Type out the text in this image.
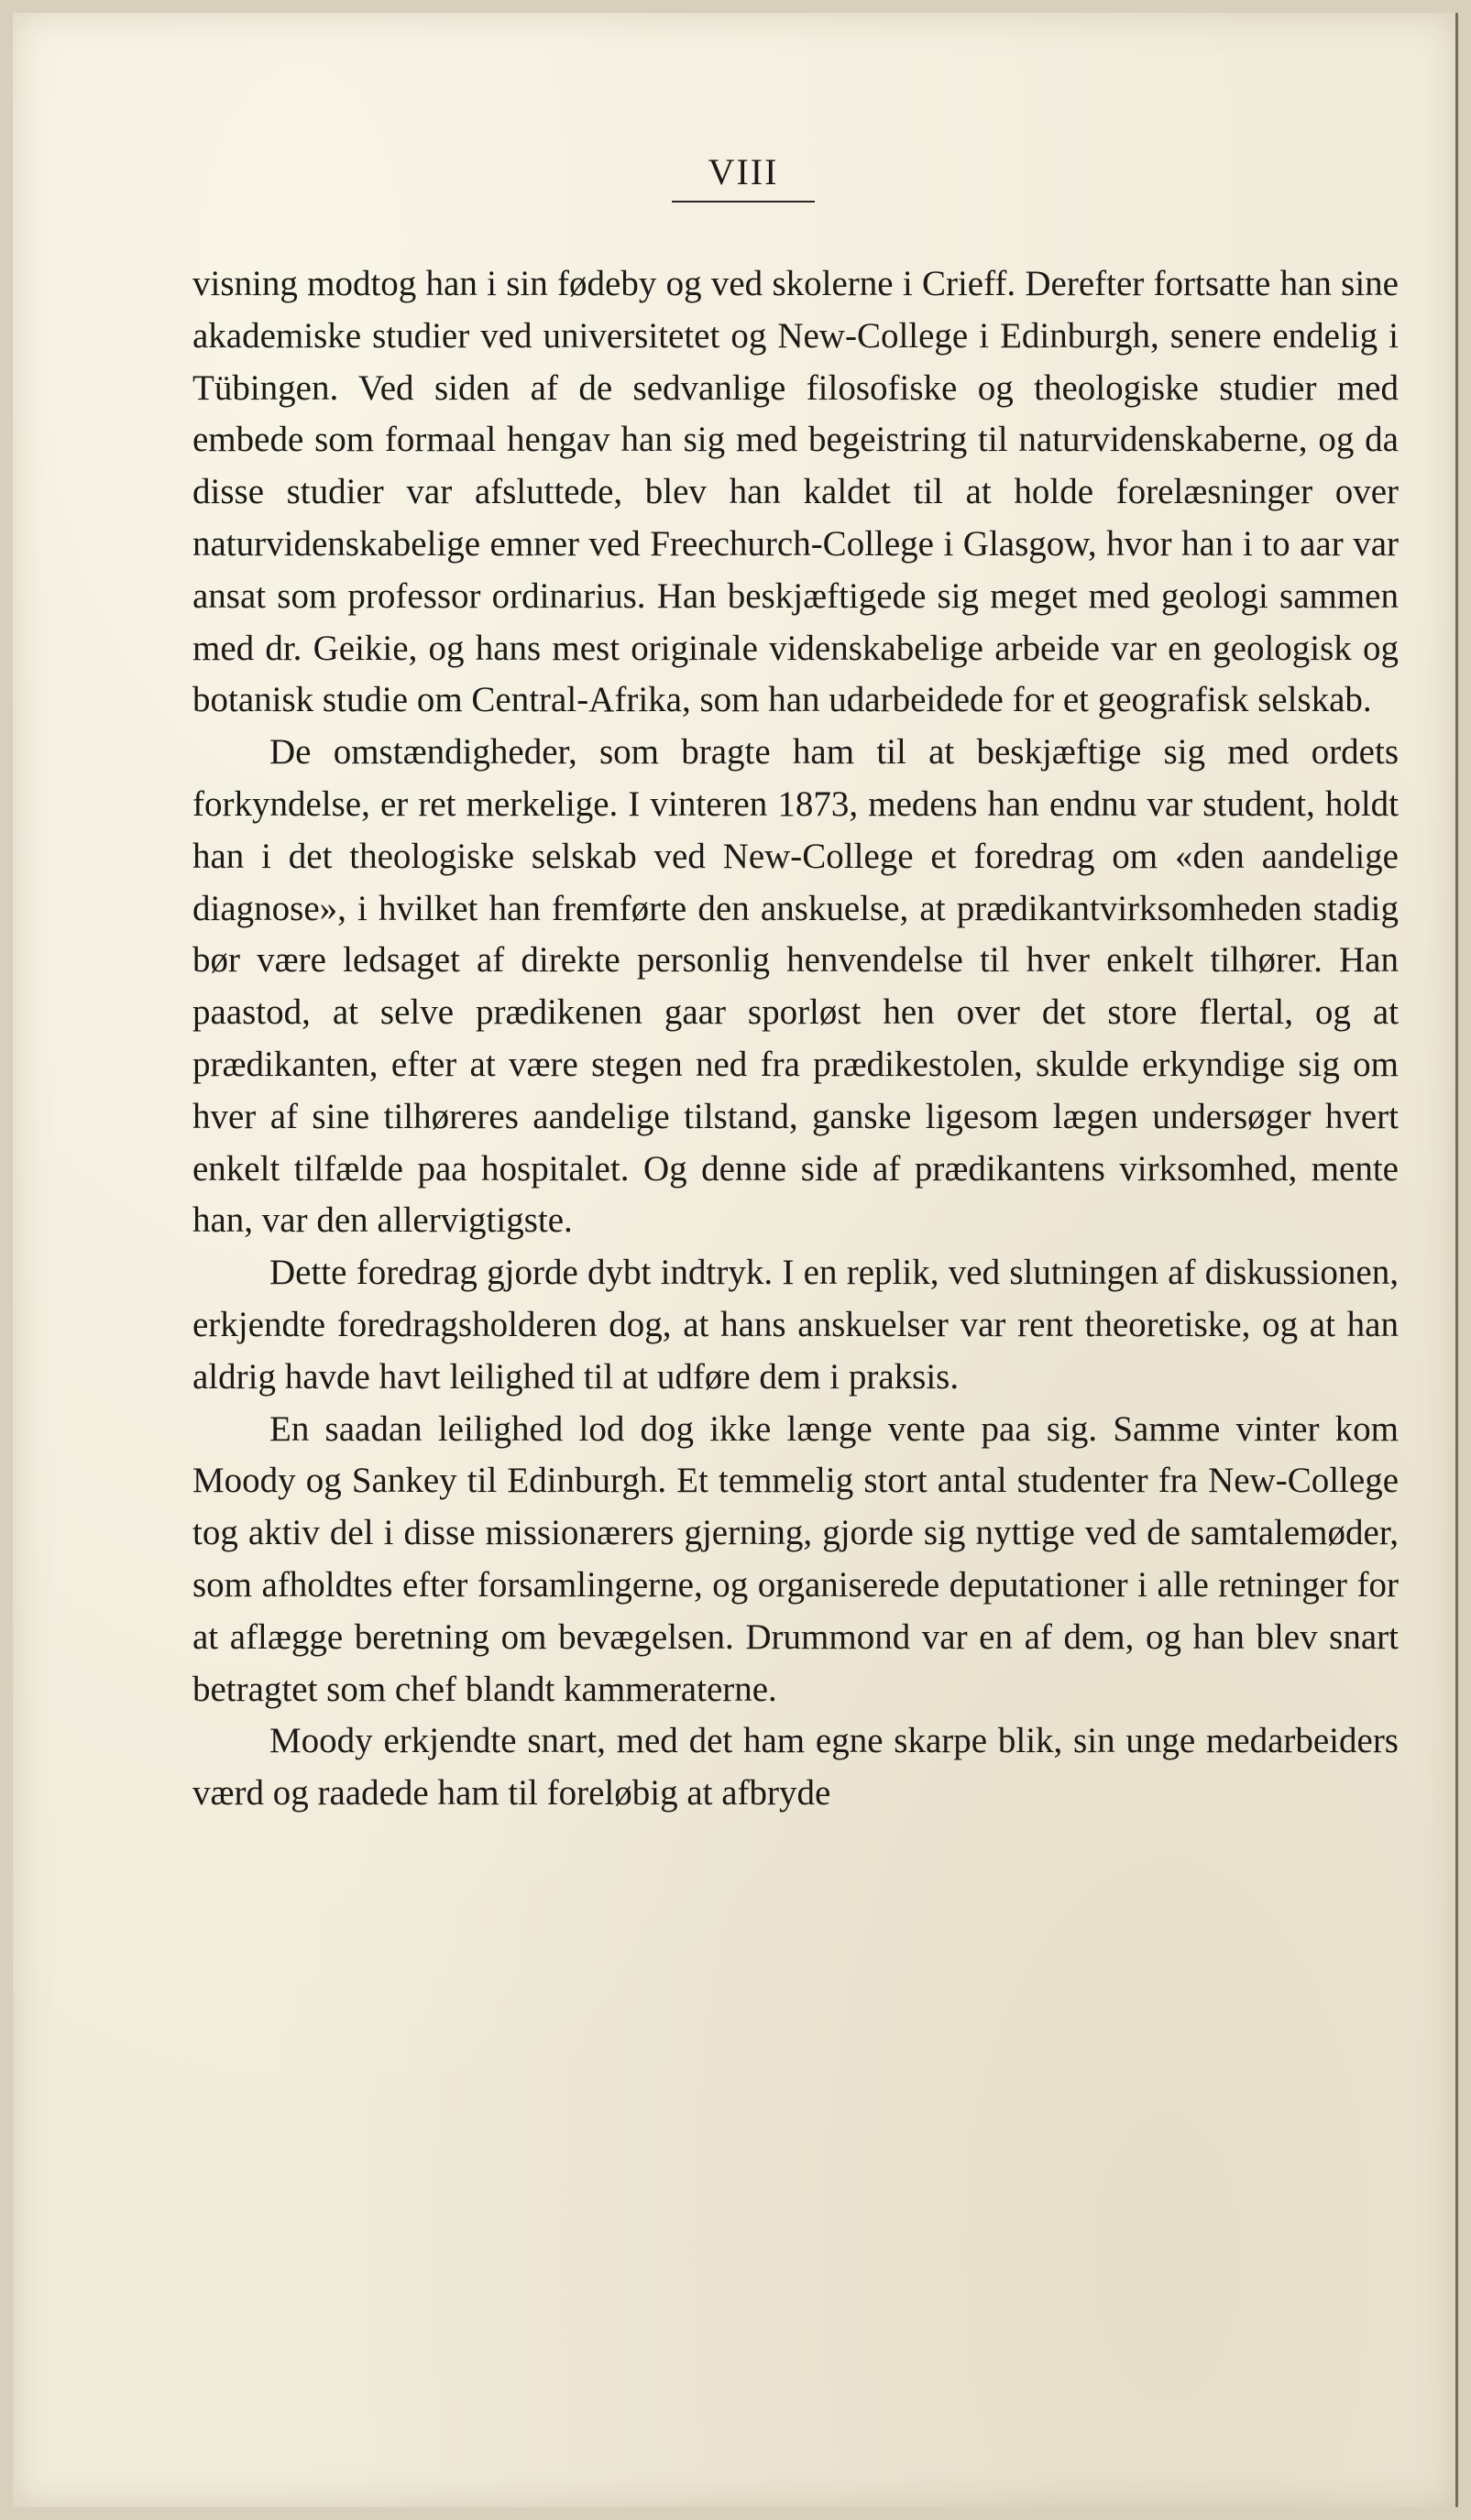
VIII

visning modtog han i sin fødeby og ved skolerne i Crieff. Derefter fortsatte han sine akademiske studier ved universitetet og New-College i Edinburgh, senere endelig i Tübingen. Ved siden af de sedvanlige filosofiske og theologiske studier med embede som formaal hengav han sig med begeistring til naturvidenskaberne, og da disse studier var afsluttede, blev han kaldet til at holde forelæsninger over naturvidenskabelige emner ved Freechurch-College i Glasgow, hvor han i to aar var ansat som professor ordinarius. Han beskjæftigede sig meget med geologi sammen med dr. Geikie, og hans mest originale videnskabelige arbeide var en geologisk og botanisk studie om Central-Afrika, som han udarbeidede for et geografisk selskab.

De omstændigheder, som bragte ham til at beskjæftige sig med ordets forkyndelse, er ret merkelige. I vinteren 1873, medens han endnu var student, holdt han i det theologiske selskab ved New-College et foredrag om «den aandelige diagnose», i hvilket han fremførte den anskuelse, at prædikantvirksomheden stadig bør være ledsaget af direkte personlig henvendelse til hver enkelt tilhører. Han paastod, at selve prædikenen gaar sporløst hen over det store flertal, og at prædikanten, efter at være stegen ned fra prædikestolen, skulde erkyndige sig om hver af sine tilhøreres aandelige tilstand, ganske ligesom lægen undersøger hvert enkelt tilfælde paa hospitalet. Og denne side af prædikantens virksomhed, mente han, var den allervigtigste.

Dette foredrag gjorde dybt indtryk. I en replik, ved slutningen af diskussionen, erkjendte foredragsholderen dog, at hans anskuelser var rent theoretiske, og at han aldrig havde havt leilighed til at udføre dem i praksis.

En saadan leilighed lod dog ikke længe vente paa sig. Samme vinter kom Moody og Sankey til Edinburgh. Et temmelig stort antal studenter fra New-College tog aktiv del i disse missionærers gjerning, gjorde sig nyttige ved de samtalemøder, som afholdtes efter forsamlingerne, og organiserede deputationer i alle retninger for at aflægge beretning om bevægelsen. Drummond var en af dem, og han blev snart betragtet som chef blandt kammeraterne.

Moody erkjendte snart, med det ham egne skarpe blik, sin unge medarbeiders værd og raadede ham til foreløbig at afbryde
